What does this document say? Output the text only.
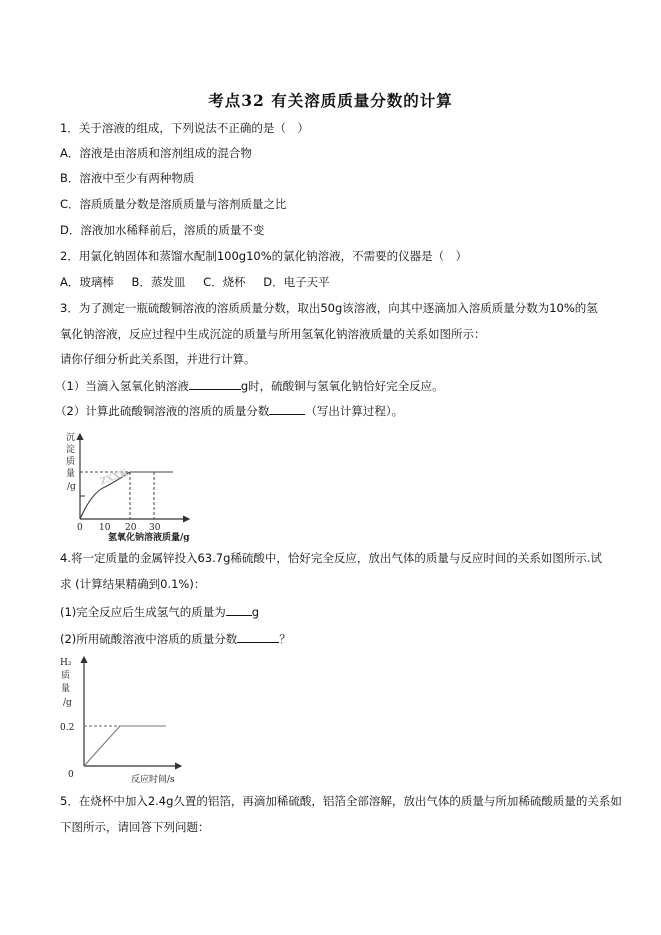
考点32 有关溶质质量分数的计算
1．关于溶液的组成，下列说法不正确的是（　）
A．溶液是由溶质和溶剂组成的混合物
B．溶液中至少有两种物质
C．溶质质量分数是溶质质量与溶剂质量之比
D．溶液加水稀释前后，溶质的质量不变
2．用氯化钠固体和蒸馏水配制100g10%的氯化钠溶液，不需要的仪器是（　）
A．玻璃棒 B．蒸发皿 C．烧杯 D．电子天平
3．为了测定一瓶硫酸铜溶液的溶质质量分数，取出50g该溶液，向其中逐滴加入溶质质量分数为10%的氢
氧化钠溶液，反应过程中生成沉淀的质量与所用氢氧化钠溶液质量的关系如图所示：
请你仔细分析此关系图，并进行计算。
（1）当滴入氢氧化钠溶液	g时，硫酸铜与氢氧化钠恰好完全反应。
（2）计算此硫酸铜溶液的溶质的质量分数	（写出计算过程）。
ZXXK
沉
淀
质
量
/g
0 10 20 30
氢氧化钠溶液质量/g
H₂
质
量
/g
0.2
0	反应时间/s
4.将一定质量的金属锌投入63.7g稀硫酸中，恰好完全反应，放出气体的质量与反应时间的关系如图所示.试
求 (计算结果精确到0.1%)：
(1)完全反应后生成氢气的质量为 g
(2)所用硫酸溶液中溶质的质量分数	？
5．在烧杯中加入2.4g久置的铝箔，再滴加稀硫酸，铝箔全部溶解，放出气体的质量与所加稀硫酸质量的关系如
下图所示，请回答下列问题：
